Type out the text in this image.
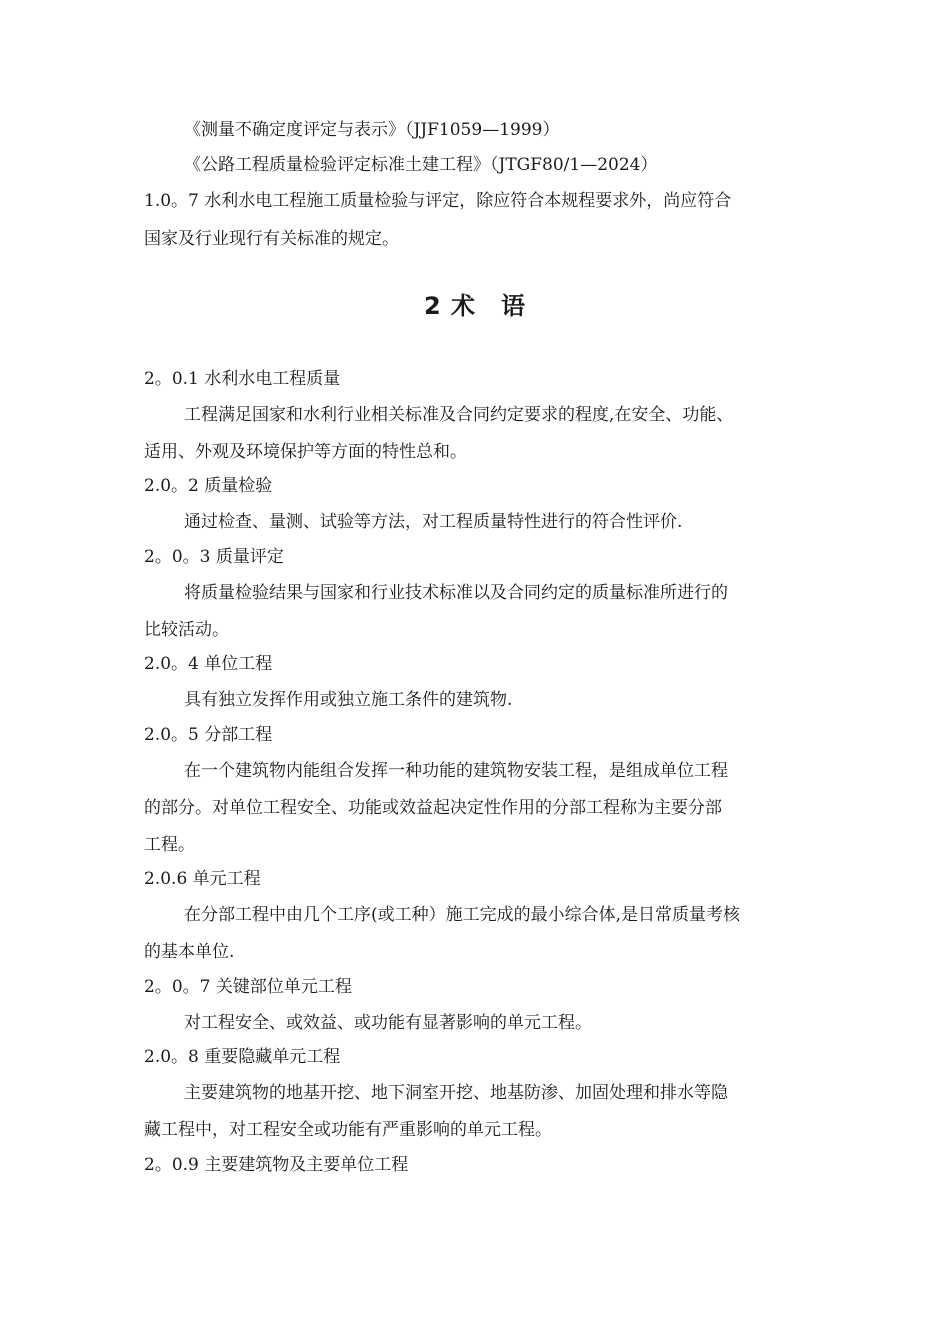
《测量不确定度评定与表示》（JJF1059—1999）
《公路工程质量检验评定标准土建工程》（JTGF80/1—2024）
1.0。7 水利水电工程施工质量检验与评定，除应符合本规程要求外，尚应符合
国家及行业现行有关标准的规定。
2 术　语
2。0.1 水利水电工程质量
工程满足国家和水利行业相关标准及合同约定要求的程度,在安全、功能、
适用、外观及环境保护等方面的特性总和。
2.0。2 质量检验
通过检查、量测、试验等方法，对工程质量特性进行的符合性评价.
2。0。3 质量评定
将质量检验结果与国家和行业技术标准以及合同约定的质量标准所进行的
比较活动。
2.0。4 单位工程
具有独立发挥作用或独立施工条件的建筑物.
2.0。5 分部工程
在一个建筑物内能组合发挥一种功能的建筑物安装工程，是组成单位工程
的部分。对单位工程安全、功能或效益起决定性作用的分部工程称为主要分部
工程。
2.0.6 单元工程
在分部工程中由几个工序(或工种）施工完成的最小综合体,是日常质量考核
的基本单位.
2。0。7 关键部位单元工程
对工程安全、或效益、或功能有显著影响的单元工程。
2.0。8 重要隐藏单元工程
主要建筑物的地基开挖、地下洞室开挖、地基防渗、加固处理和排水等隐
藏工程中，对工程安全或功能有严重影响的单元工程。
2。0.9 主要建筑物及主要单位工程
